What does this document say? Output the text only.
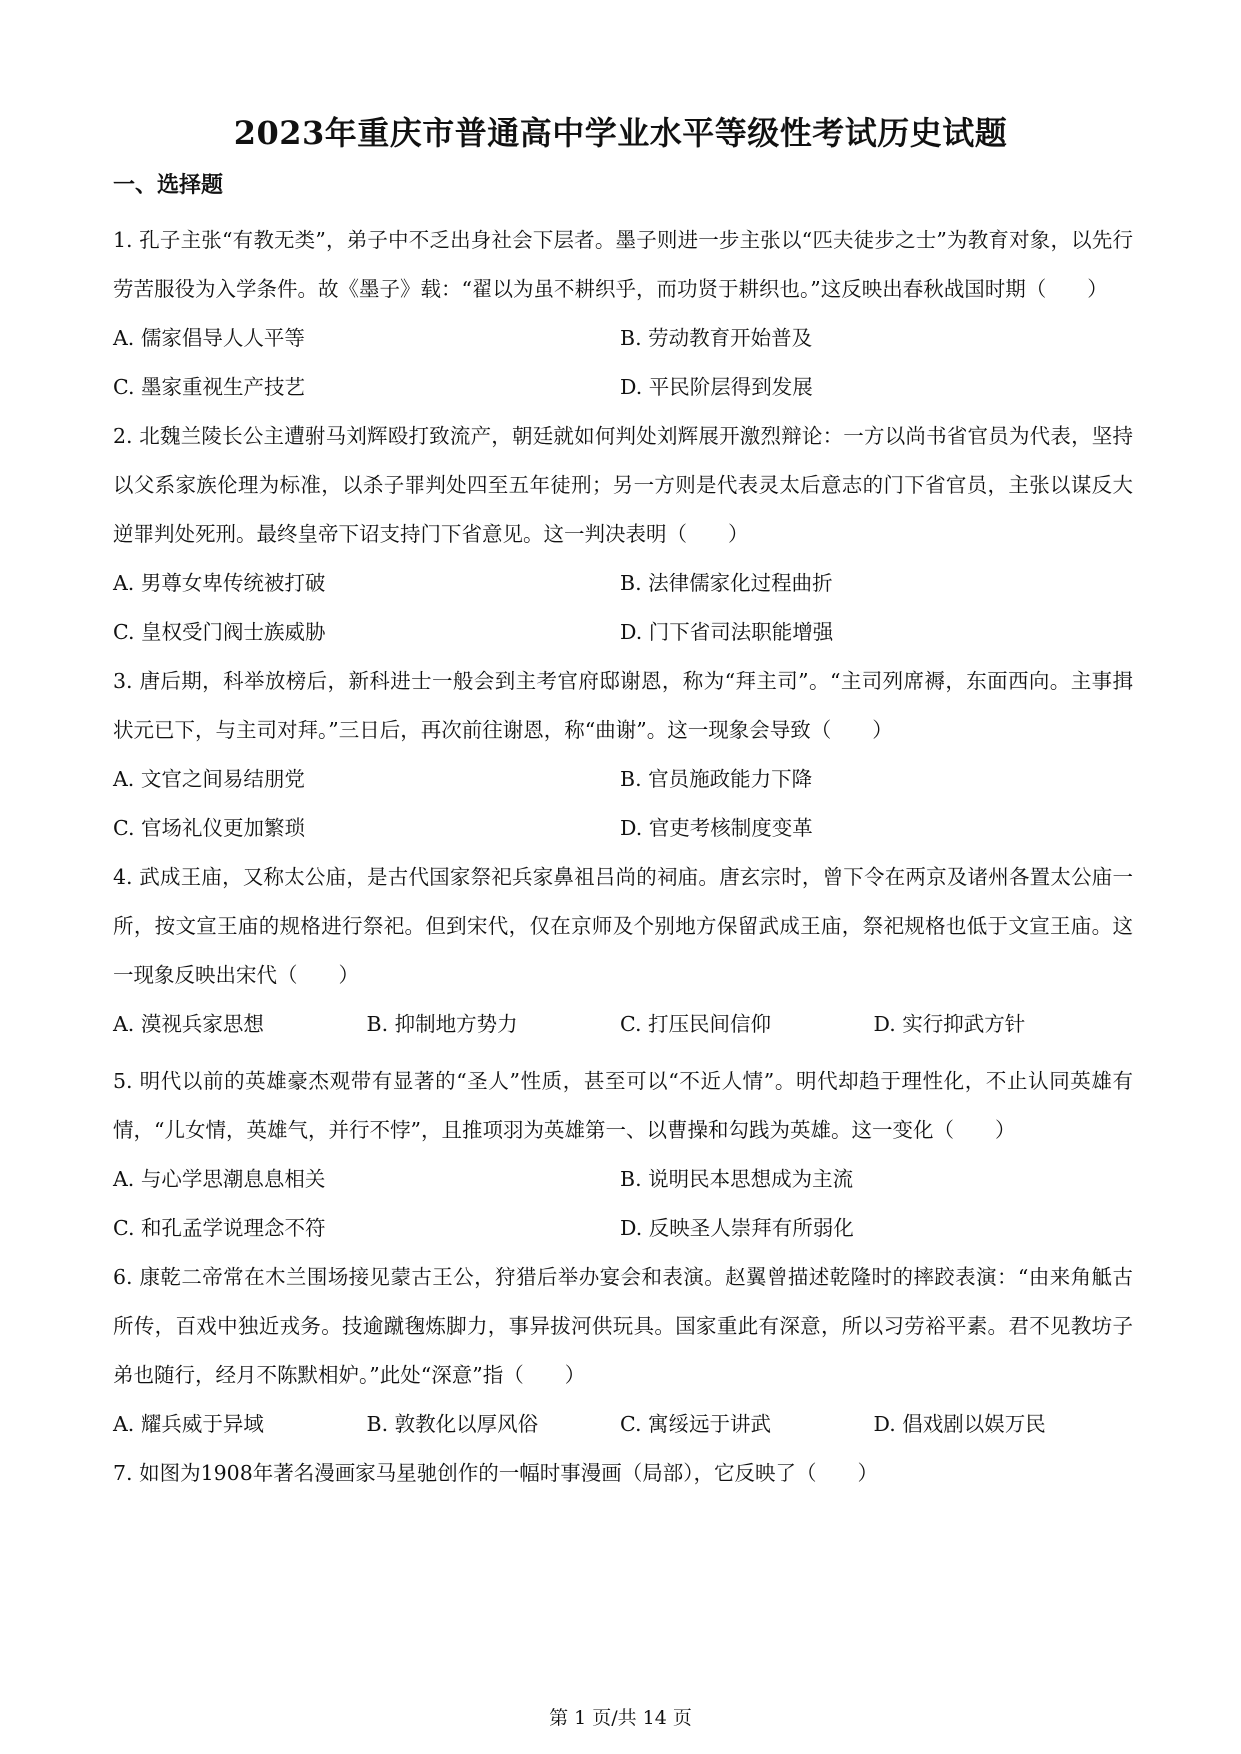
2023年重庆市普通高中学业水平等级性考试历史试题
一、选择题

1. 孔子主张“有教无类”，弟子中不乏出身社会下层者。墨子则进一步主张以“匹夫徒步之士”为教育对象，以先行劳苦服役为入学条件。故《墨子》载：“翟以为虽不耕织乎，而功贤于耕织也。”这反映出春秋战国时期（　　）

A. 儒家倡导人人平等	B. 劳动教育开始普及
C. 墨家重视生产技艺	D. 平民阶层得到发展

2. 北魏兰陵长公主遭驸马刘辉殴打致流产，朝廷就如何判处刘辉展开激烈辩论：一方以尚书省官员为代表，坚持以父系家族伦理为标准，以杀子罪判处四至五年徒刑；另一方则是代表灵太后意志的门下省官员，主张以谋反大逆罪判处死刑。最终皇帝下诏支持门下省意见。这一判决表明（　　）

A. 男尊女卑传统被打破	B. 法律儒家化过程曲折
C. 皇权受门阀士族威胁	D. 门下省司法职能增强

3. 唐后期，科举放榜后，新科进士一般会到主考官府邸谢恩，称为“拜主司”。“主司列席褥，东面西向。主事揖状元已下，与主司对拜。”三日后，再次前往谢恩，称“曲谢”。这一现象会导致（　　）

A. 文官之间易结朋党	B. 官员施政能力下降
C. 官场礼仪更加繁琐	D. 官吏考核制度变革

4. 武成王庙，又称太公庙，是古代国家祭祀兵家鼻祖吕尚的祠庙。唐玄宗时，曾下令在两京及诸州各置太公庙一所，按文宣王庙的规格进行祭祀。但到宋代，仅在京师及个别地方保留武成王庙，祭祀规格也低于文宣王庙。这一现象反映出宋代（　　）

A. 漠视兵家思想	B. 抑制地方势力	C. 打压民间信仰	D. 实行抑武方针

5. 明代以前的英雄豪杰观带有显著的“圣人”性质，甚至可以“不近人情”。明代却趋于理性化，不止认同英雄有情，“儿女情，英雄气，并行不悖”，且推项羽为英雄第一、以曹操和勾践为英雄。这一变化（　　）

A. 与心学思潮息息相关	B. 说明民本思想成为主流
C. 和孔孟学说理念不符	D. 反映圣人崇拜有所弱化

6. 康乾二帝常在木兰围场接见蒙古王公，狩猎后举办宴会和表演。赵翼曾描述乾隆时的摔跤表演：“由来角觝古所传，百戏中独近戎务。技逾蹴毱炼脚力，事异拔河供玩具。国家重此有深意，所以习劳裕平素。君不见教坊子弟也随行，经月不陈默相妒。”此处“深意”指（　　）

A. 耀兵威于异域	B. 敦教化以厚风俗	C. 寓绥远于讲武	D. 倡戏剧以娱万民

7. 如图为1908年著名漫画家马星驰创作的一幅时事漫画（局部），它反映了（　　）

第 1 页/共 14 页
